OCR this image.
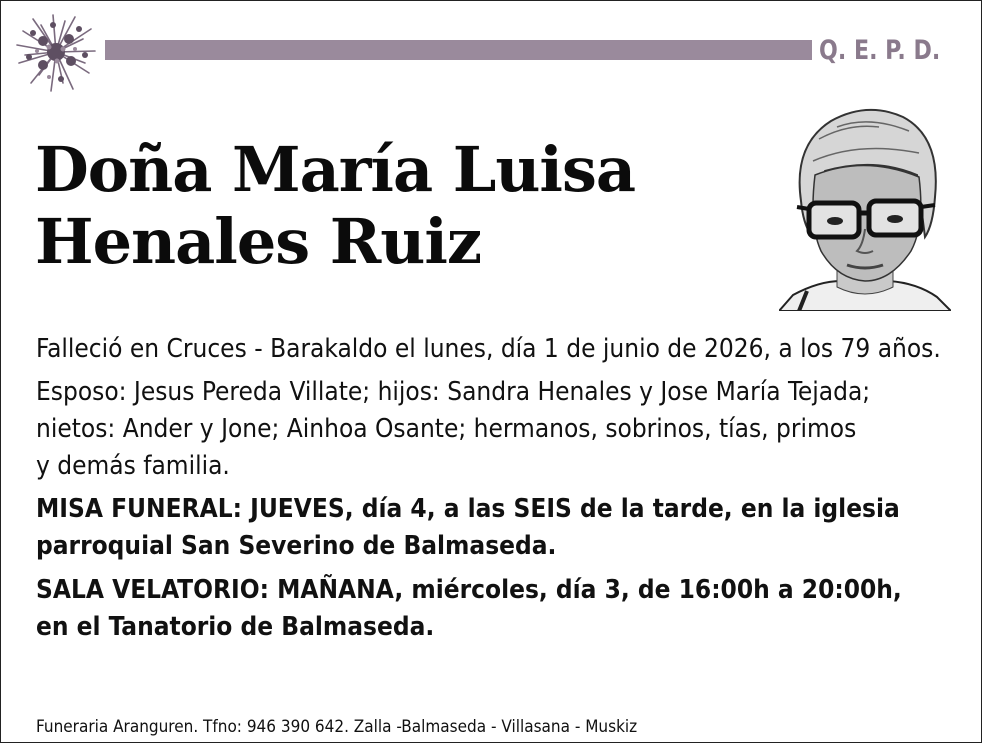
Q. E. P. D.
Doña María Luisa
Henales Ruiz

Falleció en Cruces - Barakaldo el lunes, día 1 de junio de 2026, a los 79 años.

Esposo: Jesus Pereda Villate; hijos: Sandra Henales y Jose María Tejada;
nietos: Ander y Jone; Ainhoa Osante; hermanos, sobrinos, tías, primos
y demás familia.

MISA FUNERAL: JUEVES, día 4, a las SEIS de la tarde, en la iglesia
parroquial San Severino de Balmaseda.

SALA VELATORIO: MAÑANA, miércoles, día 3, de 16:00h a 20:00h,
en el Tanatorio de Balmaseda.

Funeraria Aranguren. Tfno: 946 390 642. Zalla -Balmaseda - Villasana - Muskiz
